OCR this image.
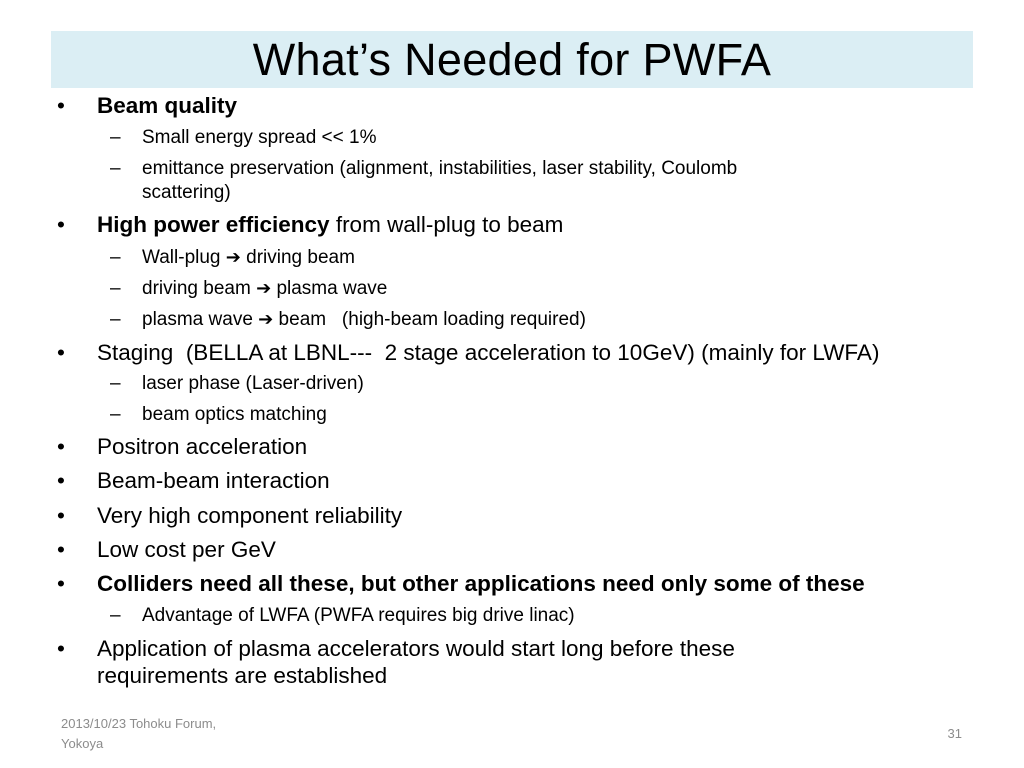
What’s Needed for PWFA
• Beam quality
– Small energy spread << 1%
– emittance preservation (alignment, instabilities, laser stability, Coulomb
scattering)
• High power efficiency from wall-plug to beam
– Wall-plug ➔ driving beam
– driving beam ➔ plasma wave
– plasma wave ➔ beam   (high-beam loading required)
• Staging  (BELLA at LBNL---  2 stage acceleration to 10GeV) (mainly for LWFA)
– laser phase (Laser-driven)
– beam optics matching
• Positron acceleration
• Beam-beam interaction
• Very high component reliability
• Low cost per GeV
• Colliders need all these, but other applications need only some of these
– Advantage of LWFA (PWFA requires big drive linac)
• Application of plasma accelerators would start long before these
requirements are established
2013/10/23 Tohoku Forum,
Yokoya
31
